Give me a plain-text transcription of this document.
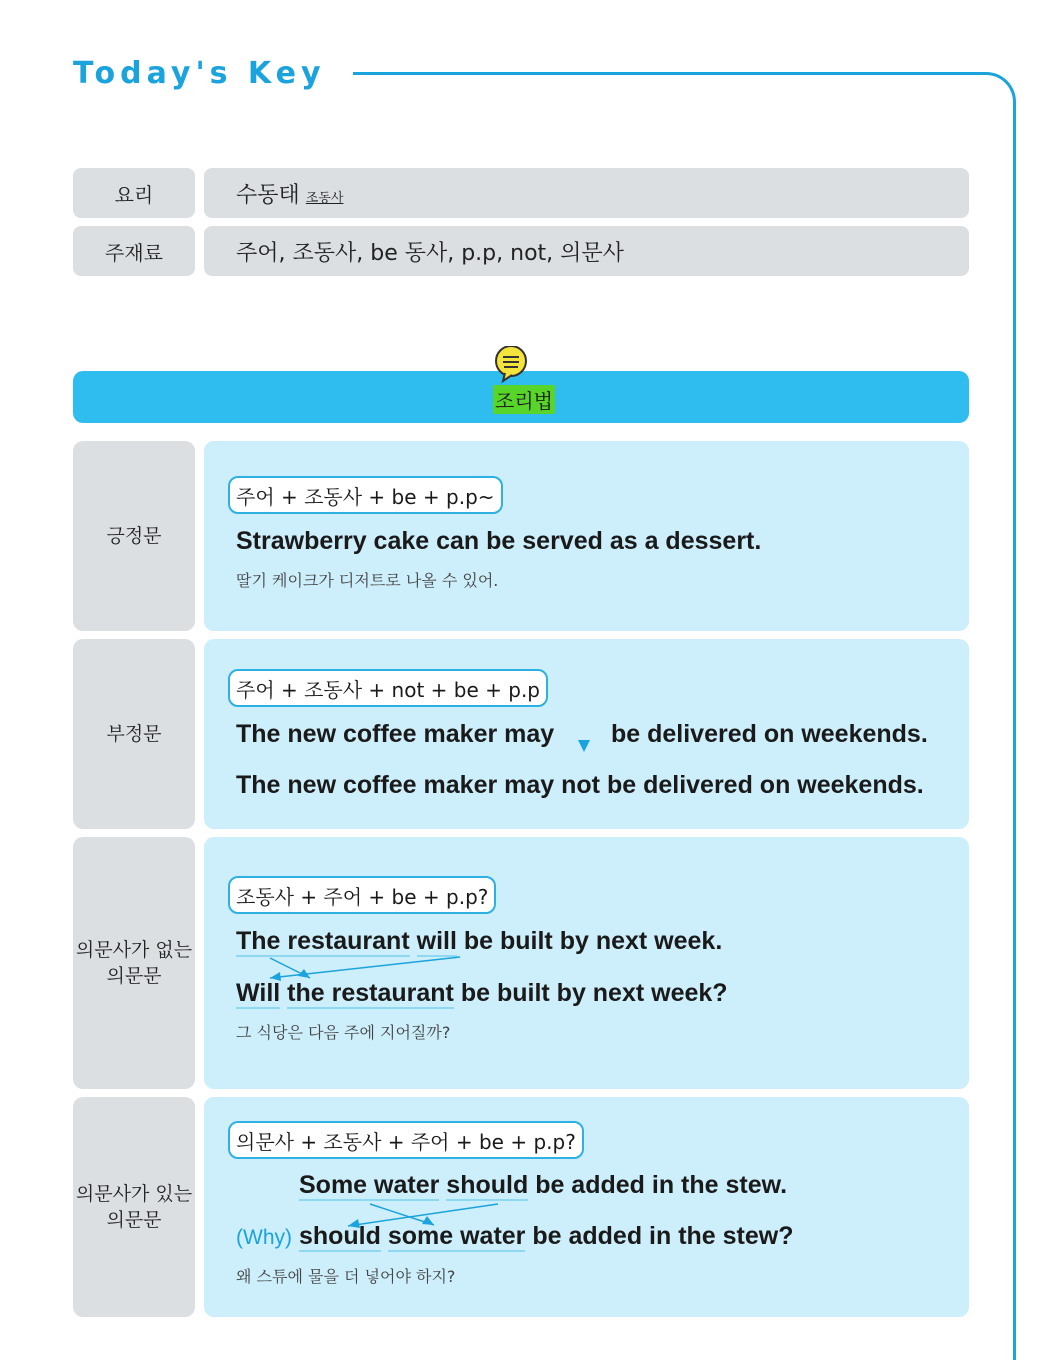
Today's Key
요리	수동태 조동사
주재료	주어, 조동사, be 동사, p.p, not, 의문사
조리법
긍정문
주어 + 조동사 + be + p.p~
Strawberry cake can be served as a dessert.
딸기 케이크가 디저트로 나올 수 있어.
부정문
주어 + 조동사 + not + be + p.p
The new coffee maker may be delivered on weekends.
The new coffee maker may not be delivered on weekends.
의문사가 없는 의문문
조동사 + 주어 + be + p.p?
The restaurant will be built by next week.
Will the restaurant be built by next week?
그 식당은 다음 주에 지어질까?
의문사가 있는 의문문
의문사 + 조동사 + 주어 + be + p.p?
Some water should be added in the stew.
(Why) should some water be added in the stew?
왜 스튜에 물을 더 넣어야 하지?
